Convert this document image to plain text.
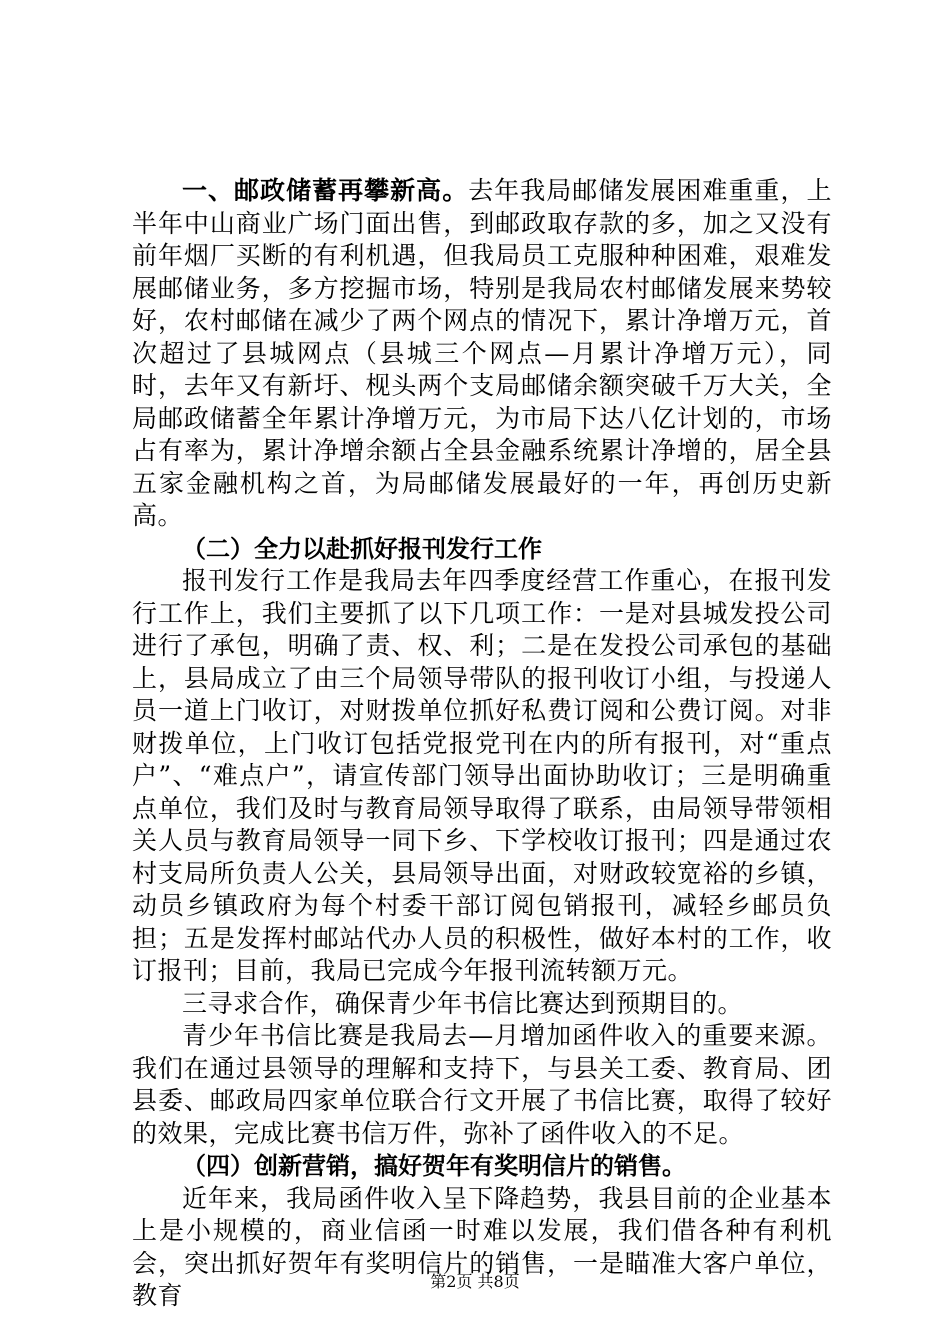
一、邮政储蓄再攀新高。去年我局邮储发展困难重重，上半年中山商业广场门面出售，到邮政取存款的多，加之又没有前年烟厂买断的有利机遇，但我局员工克服种种困难，艰难发展邮储业务，多方挖掘市场，特别是我局农村邮储发展来势较好，农村邮储在减少了两个网点的情况下，累计净增万元，首次超过了县城网点（县城三个网点—月累计净增万元），同时，去年又有新圩、枧头两个支局邮储余额突破千万大关，全局邮政储蓄全年累计净增万元，为市局下达八亿计划的，市场占有率为，累计净增余额占全县金融系统累计净增的，居全县五家金融机构之首，为局邮储发展最好的一年，再创历史新高。

（二）全力以赴抓好报刊发行工作

报刊发行工作是我局去年四季度经营工作重心，在报刊发行工作上，我们主要抓了以下几项工作：一是对县城发投公司进行了承包，明确了责、权、利；二是在发投公司承包的基础上，县局成立了由三个局领导带队的报刊收订小组，与投递人员一道上门收订，对财拨单位抓好私费订阅和公费订阅。对非财拨单位，上门收订包括党报党刊在内的所有报刊，对“重点户”、“难点户”，请宣传部门领导出面协助收订；三是明确重点单位，我们及时与教育局领导取得了联系，由局领导带领相关人员与教育局领导一同下乡、下学校收订报刊；四是通过农村支局所负责人公关，县局领导出面，对财政较宽裕的乡镇，动员乡镇政府为每个村委干部订阅包销报刊，减轻乡邮员负担；五是发挥村邮站代办人员的积极性，做好本村的工作，收订报刊；目前，我局已完成今年报刊流转额万元。

三寻求合作，确保青少年书信比赛达到预期目的。

青少年书信比赛是我局去—月增加函件收入的重要来源。我们在通过县领导的理解和支持下，与县关工委、教育局、团县委、邮政局四家单位联合行文开展了书信比赛，取得了较好的效果，完成比赛书信万件，弥补了函件收入的不足。

（四）创新营销，搞好贺年有奖明信片的销售。

近年来，我局函件收入呈下降趋势，我县目前的企业基本上是小规模的，商业信函一时难以发展，我们借各种有利机会，突出抓好贺年有奖明信片的销售，一是瞄准大客户单位，教育	第2页 共8页
